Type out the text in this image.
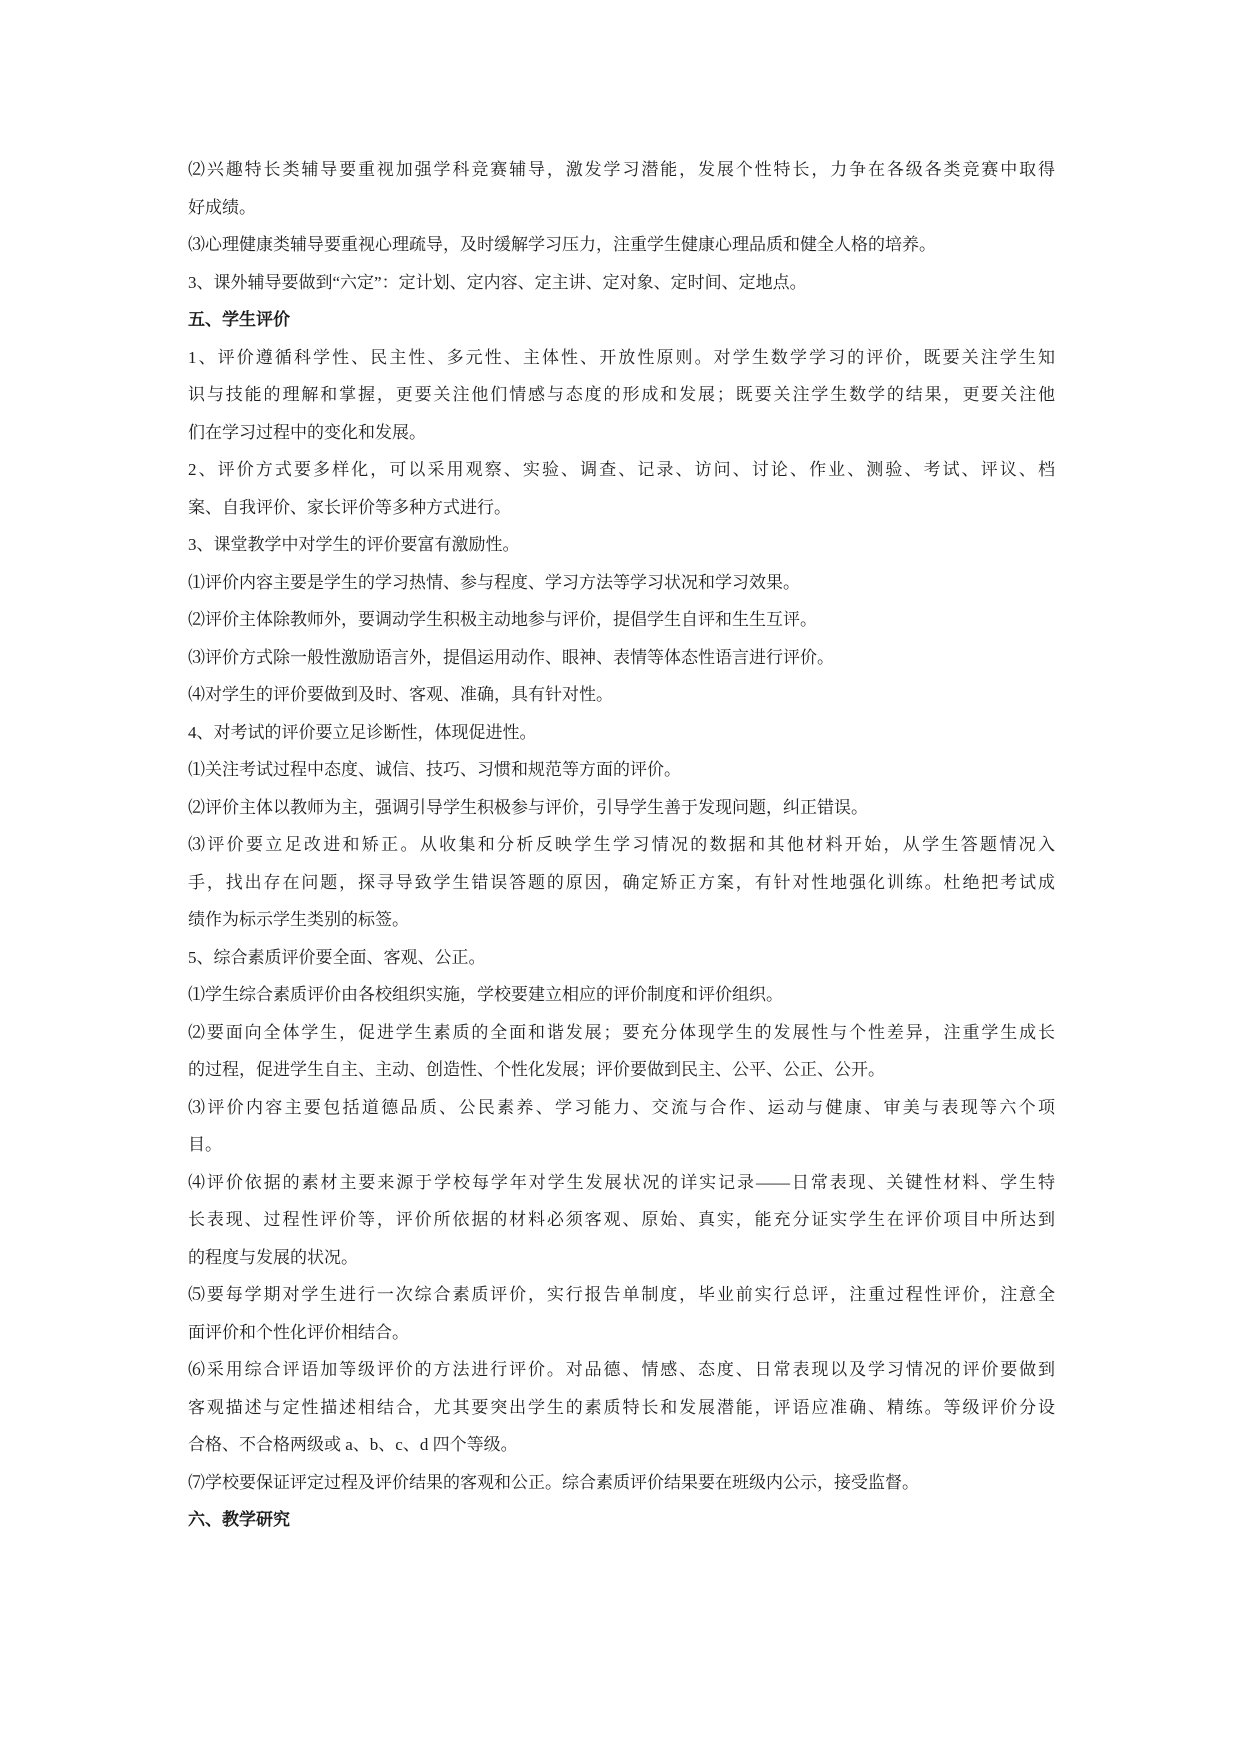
⑵兴趣特长类辅导要重视加强学科竞赛辅导，激发学习潜能，发展个性特长，力争在各级各类竞赛中取得
好成绩。
⑶心理健康类辅导要重视心理疏导，及时缓解学习压力，注重学生健康心理品质和健全人格的培养。
3、课外辅导要做到“六定”：定计划、定内容、定主讲、定对象、定时间、定地点。
五、学生评价
1、评价遵循科学性、民主性、多元性、主体性、开放性原则。对学生数学学习的评价，既要关注学生知
识与技能的理解和掌握，更要关注他们情感与态度的形成和发展；既要关注学生数学的结果，更要关注他
们在学习过程中的变化和发展。
2、评价方式要多样化，可以采用观察、实验、调查、记录、访问、讨论、作业、测验、考试、评议、档
案、自我评价、家长评价等多种方式进行。
3、课堂教学中对学生的评价要富有激励性。
⑴评价内容主要是学生的学习热情、参与程度、学习方法等学习状况和学习效果。
⑵评价主体除教师外，要调动学生积极主动地参与评价，提倡学生自评和生生互评。
⑶评价方式除一般性激励语言外，提倡运用动作、眼神、表情等体态性语言进行评价。
⑷对学生的评价要做到及时、客观、准确，具有针对性。
4、对考试的评价要立足诊断性，体现促进性。
⑴关注考试过程中态度、诚信、技巧、习惯和规范等方面的评价。
⑵评价主体以教师为主，强调引导学生积极参与评价，引导学生善于发现问题，纠正错误。
⑶评价要立足改进和矫正。从收集和分析反映学生学习情况的数据和其他材料开始，从学生答题情况入
手，找出存在问题，探寻导致学生错误答题的原因，确定矫正方案，有针对性地强化训练。杜绝把考试成
绩作为标示学生类别的标签。
5、综合素质评价要全面、客观、公正。
⑴学生综合素质评价由各校组织实施，学校要建立相应的评价制度和评价组织。
⑵要面向全体学生，促进学生素质的全面和谐发展；要充分体现学生的发展性与个性差异，注重学生成长
的过程，促进学生自主、主动、创造性、个性化发展；评价要做到民主、公平、公正、公开。
⑶评价内容主要包括道德品质、公民素养、学习能力、交流与合作、运动与健康、审美与表现等六个项
目。
⑷评价依据的素材主要来源于学校每学年对学生发展状况的详实记录——日常表现、关键性材料、学生特
长表现、过程性评价等，评价所依据的材料必须客观、原始、真实，能充分证实学生在评价项目中所达到
的程度与发展的状况。
⑸要每学期对学生进行一次综合素质评价，实行报告单制度，毕业前实行总评，注重过程性评价，注意全
面评价和个性化评价相结合。
⑹采用综合评语加等级评价的方法进行评价。对品德、情感、态度、日常表现以及学习情况的评价要做到
客观描述与定性描述相结合，尤其要突出学生的素质特长和发展潜能，评语应准确、精练。等级评价分设
合格、不合格两级或 a、b、c、d 四个等级。
⑺学校要保证评定过程及评价结果的客观和公正。综合素质评价结果要在班级内公示，接受监督。
六、教学研究
